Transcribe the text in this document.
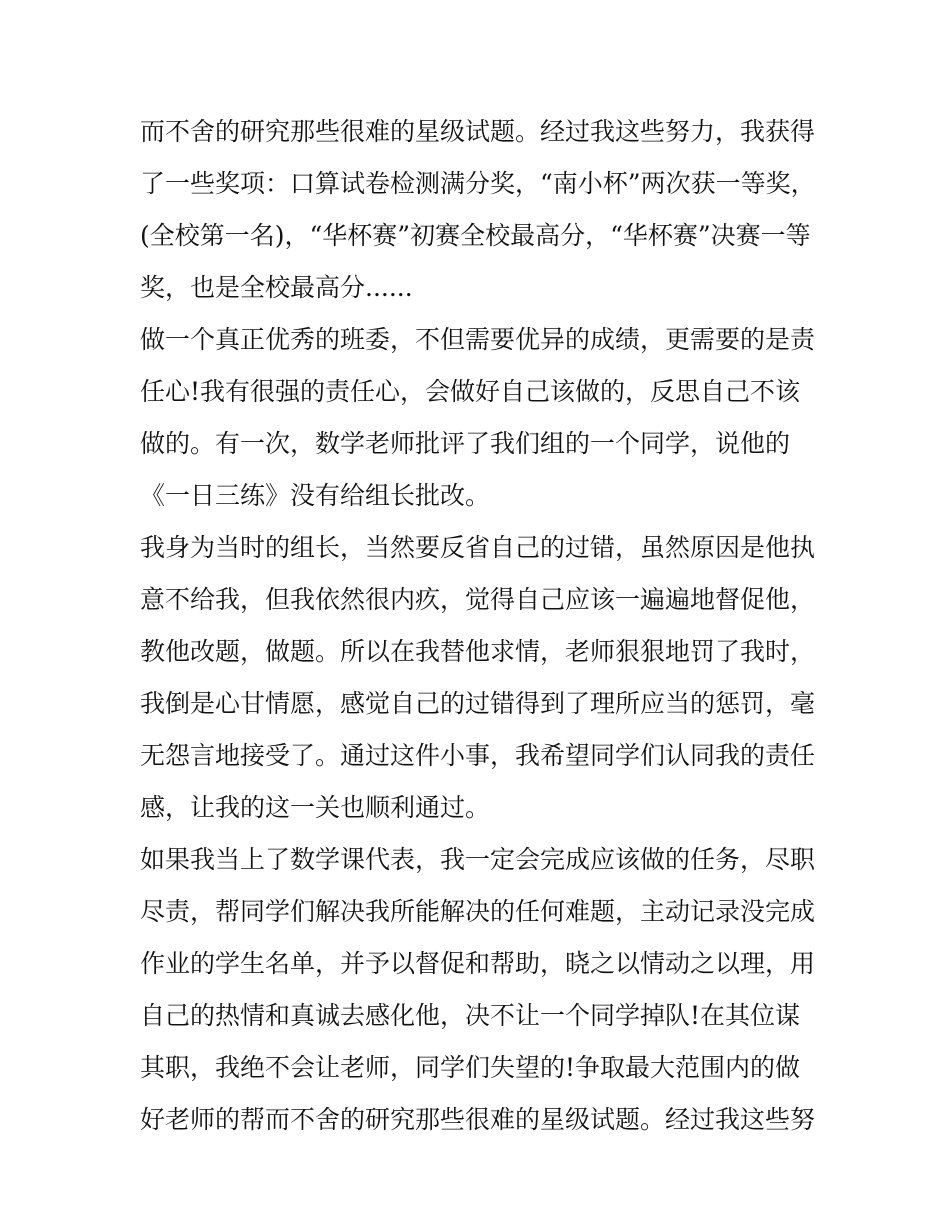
而不舍的研究那些很难的星级试题。经过我这些努力，我获得
了一些奖项：口算试卷检测满分奖，“南小杯”两次获一等奖，
(全校第一名)，“华杯赛”初赛全校最高分，“华杯赛”决赛一等
奖，也是全校最高分......
做一个真正优秀的班委，不但需要优异的成绩，更需要的是责
任心!我有很强的责任心，会做好自己该做的，反思自己不该
做的。有一次，数学老师批评了我们组的一个同学，说他的
《一日三练》没有给组长批改。
我身为当时的组长，当然要反省自己的过错，虽然原因是他执
意不给我，但我依然很内疚，觉得自己应该一遍遍地督促他，
教他改题，做题。所以在我替他求情，老师狠狠地罚了我时，
我倒是心甘情愿，感觉自己的过错得到了理所应当的惩罚，毫
无怨言地接受了。通过这件小事，我希望同学们认同我的责任
感，让我的这一关也顺利通过。
如果我当上了数学课代表，我一定会完成应该做的任务，尽职
尽责，帮同学们解决我所能解决的任何难题，主动记录没完成
作业的学生名单，并予以督促和帮助，晓之以情动之以理，用
自己的热情和真诚去感化他，决不让一个同学掉队!在其位谋
其职，我绝不会让老师，同学们失望的!争取最大范围内的做
好老师的帮而不舍的研究那些很难的星级试题。经过我这些努
